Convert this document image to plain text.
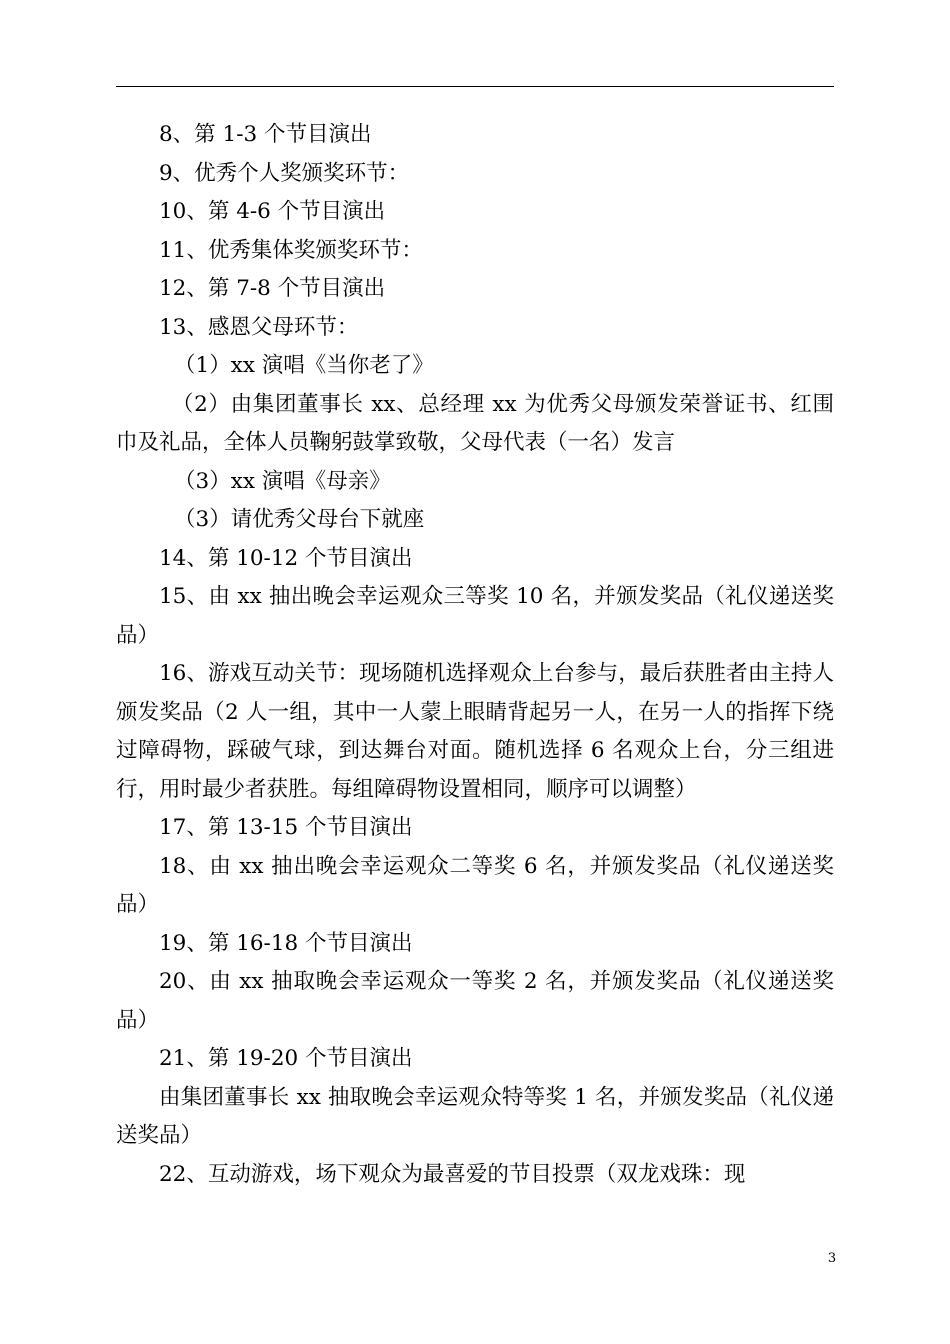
8、第 1-3 个节目演出

9、优秀个人奖颁奖环节：

10、第 4-6 个节目演出

11、优秀集体奖颁奖环节：

12、第 7-8 个节目演出

13、感恩父母环节：

（1）xx 演唱《当你老了》

（2）由集团董事长 xx、总经理 xx 为优秀父母颁发荣誉证书、红围巾及礼品，全体人员鞠躬鼓掌致敬，父母代表（一名）发言

（3）xx 演唱《母亲》

（3）请优秀父母台下就座

14、第 10-12 个节目演出

15、由 xx 抽出晚会幸运观众三等奖 10 名，并颁发奖品（礼仪递送奖品）

16、游戏互动关节：现场随机选择观众上台参与，最后获胜者由主持人颁发奖品（2 人一组，其中一人蒙上眼睛背起另一人，在另一人的指挥下绕过障碍物，踩破气球，到达舞台对面。随机选择 6 名观众上台，分三组进行，用时最少者获胜。每组障碍物设置相同，顺序可以调整）

17、第 13-15 个节目演出

18、由 xx 抽出晚会幸运观众二等奖 6 名，并颁发奖品（礼仪递送奖品）

19、第 16-18 个节目演出

20、由 xx 抽取晚会幸运观众一等奖 2 名，并颁发奖品（礼仪递送奖品）

21、第 19-20 个节目演出

由集团董事长 xx 抽取晚会幸运观众特等奖 1 名，并颁发奖品（礼仪递送奖品）

22、互动游戏，场下观众为最喜爱的节目投票（双龙戏珠：现

3
